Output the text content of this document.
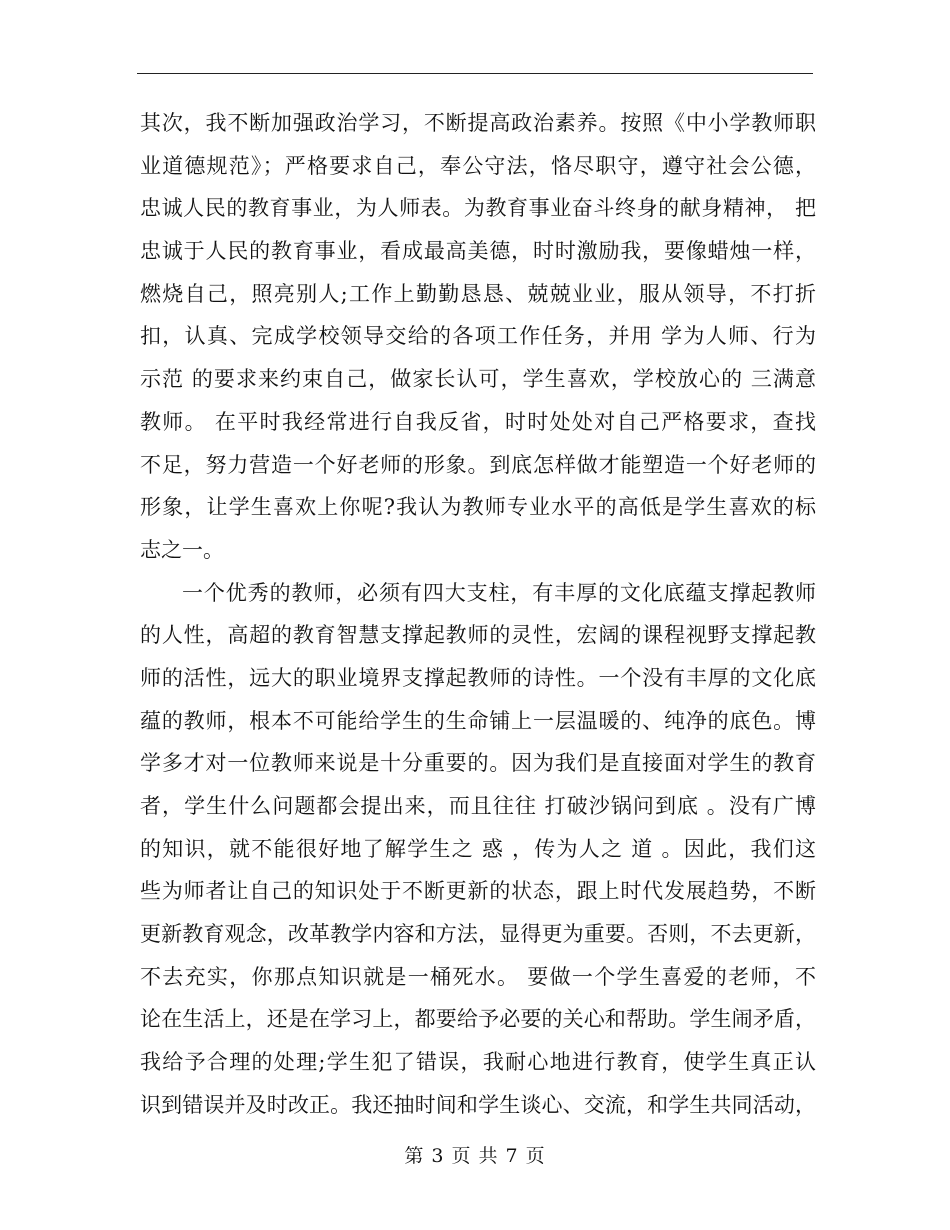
其次，我不断加强政治学习，不断提高政治素养。按照《中小学教师职
业道德规范》；严格要求自己，奉公守法，恪尽职守，遵守社会公德，
忠诚人民的教育事业，为人师表。为教育事业奋斗终身的献身精神， 把
忠诚于人民的教育事业，看成最高美德，时时激励我，要像蜡烛一样，
燃烧自己，照亮别人;工作上勤勤恳恳、兢兢业业，服从领导，不打折
扣，认真、完成学校领导交给的各项工作任务，并用 学为人师、行为
示范 的要求来约束自己，做家长认可，学生喜欢，学校放心的 三满意
教师。 在平时我经常进行自我反省，时时处处对自己严格要求，查找
不足，努力营造一个好老师的形象。到底怎样做才能塑造一个好老师的
形象，让学生喜欢上你呢?我认为教师专业水平的高低是学生喜欢的标
志之一。
一个优秀的教师，必须有四大支柱，有丰厚的文化底蕴支撑起教师
的人性，高超的教育智慧支撑起教师的灵性，宏阔的课程视野支撑起教
师的活性，远大的职业境界支撑起教师的诗性。一个没有丰厚的文化底
蕴的教师，根本不可能给学生的生命铺上一层温暖的、纯净的底色。博
学多才对一位教师来说是十分重要的。因为我们是直接面对学生的教育
者，学生什么问题都会提出来，而且往往 打破沙锅问到底 。没有广博
的知识，就不能很好地了解学生之 惑 ，传为人之 道 。因此，我们这
些为师者让自己的知识处于不断更新的状态，跟上时代发展趋势，不断
更新教育观念，改革教学内容和方法，显得更为重要。否则，不去更新，
不去充实，你那点知识就是一桶死水。 要做一个学生喜爱的老师，不
论在生活上，还是在学习上，都要给予必要的关心和帮助。学生闹矛盾，
我给予合理的处理;学生犯了错误，我耐心地进行教育，使学生真正认
识到错误并及时改正。我还抽时间和学生谈心、交流，和学生共同活动，
第 3 页 共 7 页
